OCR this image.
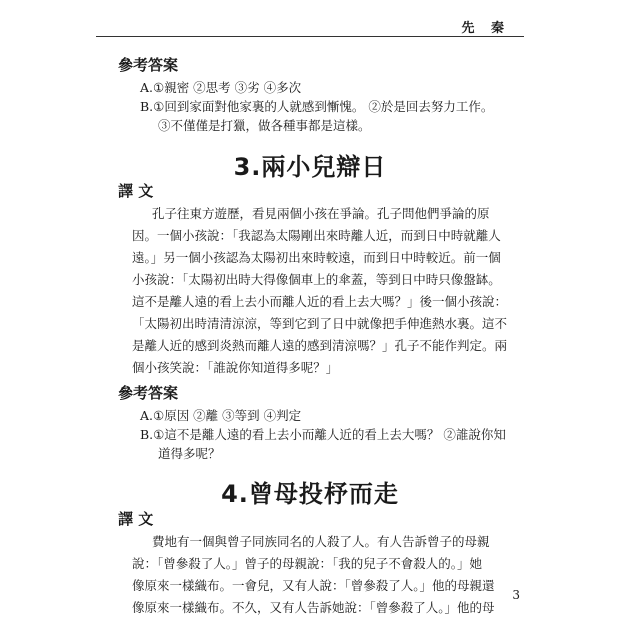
先 秦
參考答案
A.①親密 ②思考 ③劣 ④多次
B.①回到家面對他家裏的人就感到慚愧。 ②於是回去努力工作。
③不僅僅是打獵，做各種事都是這樣。
3.兩小兒辯日
譯 文
孔子往東方遊歷，看見兩個小孩在爭論。孔子問他們爭論的原
因。一個小孩說：「我認為太陽剛出來時離人近，而到日中時就離人
遠。」另一個小孩認為太陽初出來時較遠，而到日中時較近。前一個
小孩說：「太陽初出時大得像個車上的傘蓋，等到日中時只像盤缽。
這不是離人遠的看上去小而離人近的看上去大嗎？」後一個小孩說：
「太陽初出時清清涼涼，等到它到了日中就像把手伸進熱水裏。這不
是離人近的感到炎熱而離人遠的感到清涼嗎？」孔子不能作判定。兩
個小孩笑說：「誰說你知道得多呢？」
參考答案
A.①原因 ②離 ③等到 ④判定
B.①這不是離人遠的看上去小而離人近的看上去大嗎？ ②誰說你知
道得多呢？
4.曾母投杼而走
譯 文
費地有一個與曾子同族同名的人殺了人。有人告訴曾子的母親
說：「曾參殺了人。」曾子的母親說：「我的兒子不會殺人的。」她
像原來一樣織布。一會兒，又有人說：「曾參殺了人。」他的母親還
像原來一樣織布。不久，又有人告訴她說：「曾參殺了人。」他的母
3
